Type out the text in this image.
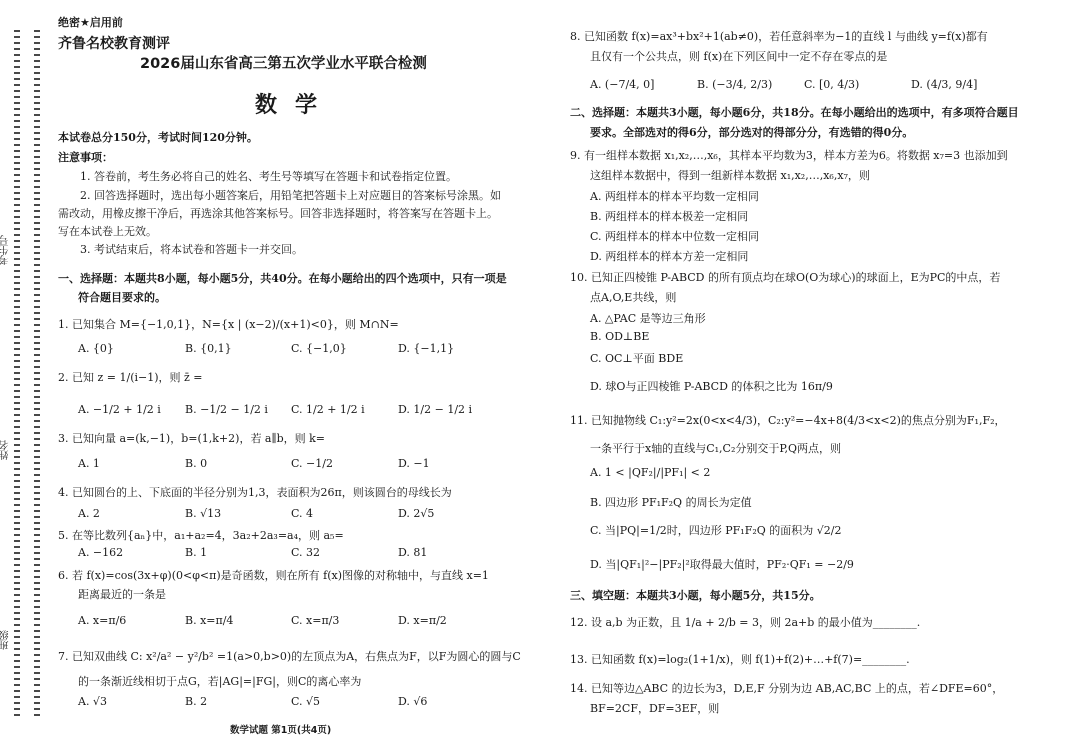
考生号
姓名
班级
绝密★启用前
齐鲁名校教育测评
2026届山东省高三第五次学业水平联合检测
数学
本试卷总分150分，考试时间120分钟。
注意事项：
1. 答卷前，考生务必将自己的姓名、考生号等填写在答题卡和试卷指定位置。
2. 回答选择题时，选出每小题答案后，用铅笔把答题卡上对应题目的答案标号涂黑。如
需改动，用橡皮擦干净后，再选涂其他答案标号。回答非选择题时，将答案写在答题卡上。
写在本试卷上无效。
3. 考试结束后，将本试卷和答题卡一并交回。
一、选择题：本题共8小题，每小题5分，共40分。在每小题给出的四个选项中，只有一项是
符合题目要求的。
1. 已知集合 M={−1,0,1}，N={x | (x−2)/(x+1)<0}，则 M∩N=
A. {0}	B. {0,1}	C. {−1,0}	D. {−1,1}
2. 已知 z = 1/(i−1)，则 z̄ =
A. −1/2 + 1/2 i B. −1/2 − 1/2 i C. 1/2 + 1/2 i	D. 1/2 − 1/2 i
3. 已知向量 a=(k,−1)，b=(1,k+2)，若 a∥b，则 k=
A. 1	B. 0	C. −1/2	D. −1
4. 已知圆台的上、下底面的半径分别为1,3，表面积为26π，则该圆台的母线长为
A. 2	B. √13	C. 4	D. 2√5
5. 在等比数列{aₙ}中，a₁+a₂=4，3a₂+2a₃=a₄，则 a₅=
A. −162	B. 1	C. 32	D. 81
6. 若 f(x)=cos(3x+φ)(0<φ<π)是奇函数，则在所有 f(x)图像的对称轴中，与直线 x=1
距离最近的一条是
A. x=π/6	B. x=π/4	C. x=π/3	D. x=π/2
7. 已知双曲线 C: x²/a² − y²/b² =1(a>0,b>0)的左顶点为A，右焦点为F，以F为圆心的圆与C
的一条渐近线相切于点G，若|AG|=|FG|，则C的离心率为
A. √3	B. 2	C. √5	D. √6
8. 已知函数 f(x)=ax³+bx²+1(ab≠0)，若任意斜率为−1的直线 l 与曲线 y=f(x)都有
且仅有一个公共点，则 f(x)在下列区间中一定不存在零点的是
A. (−7/4, 0]	B. (−3/4, 2/3)	C. [0, 4/3)	D. (4/3, 9/4]
二、选择题：本题共3小题，每小题6分，共18分。在每小题给出的选项中，有多项符合题目
要求。全部选对的得6分，部分选对的得部分分，有选错的得0分。
9. 有一组样本数据 x₁,x₂,…,x₆，其样本平均数为3，样本方差为6。将数据 x₇=3 也添加到
这组样本数据中，得到一组新样本数据 x₁,x₂,…,x₆,x₇，则
A. 两组样本的样本平均数一定相同
B. 两组样本的样本极差一定相同
C. 两组样本的样本中位数一定相同
D. 两组样本的样本方差一定相同
10. 已知正四棱锥 P-ABCD 的所有顶点均在球O(O为球心)的球面上，E为PC的中点，若
点A,O,E共线，则
A. △PAC 是等边三角形
B. OD⊥BE
C. OC⊥平面 BDE
D. 球O与正四棱锥 P-ABCD 的体积之比为 16π/9
11. 已知抛物线 C₁:y²=2x(0<x<4/3)，C₂:y²=−4x+8(4/3<x<2)的焦点分别为F₁,F₂，
一条平行于x轴的直线与C₁,C₂分别交于P,Q两点，则
A. 1 < |QF₂|/|PF₁| < 2
B. 四边形 PF₁F₂Q 的周长为定值
C. 当|PQ|=1/2时，四边形 PF₁F₂Q 的面积为 √2/2
D. 当|QF₁|²−|PF₂|²取得最大值时，PF₂·QF₁ = −2/9
三、填空题：本题共3小题，每小题5分，共15分。
12. 设 a,b 为正数，且 1/a + 2/b = 3，则 2a+b 的最小值为________.
13. 已知函数 f(x)=log₂(1+1/x)，则 f(1)+f(2)+…+f(7)=________.
14. 已知等边△ABC 的边长为3，D,E,F 分别为边 AB,AC,BC 上的点，若∠DFE=60°，
BF=2CF，DF=3EF，则
数学试题 第1页(共4页)
